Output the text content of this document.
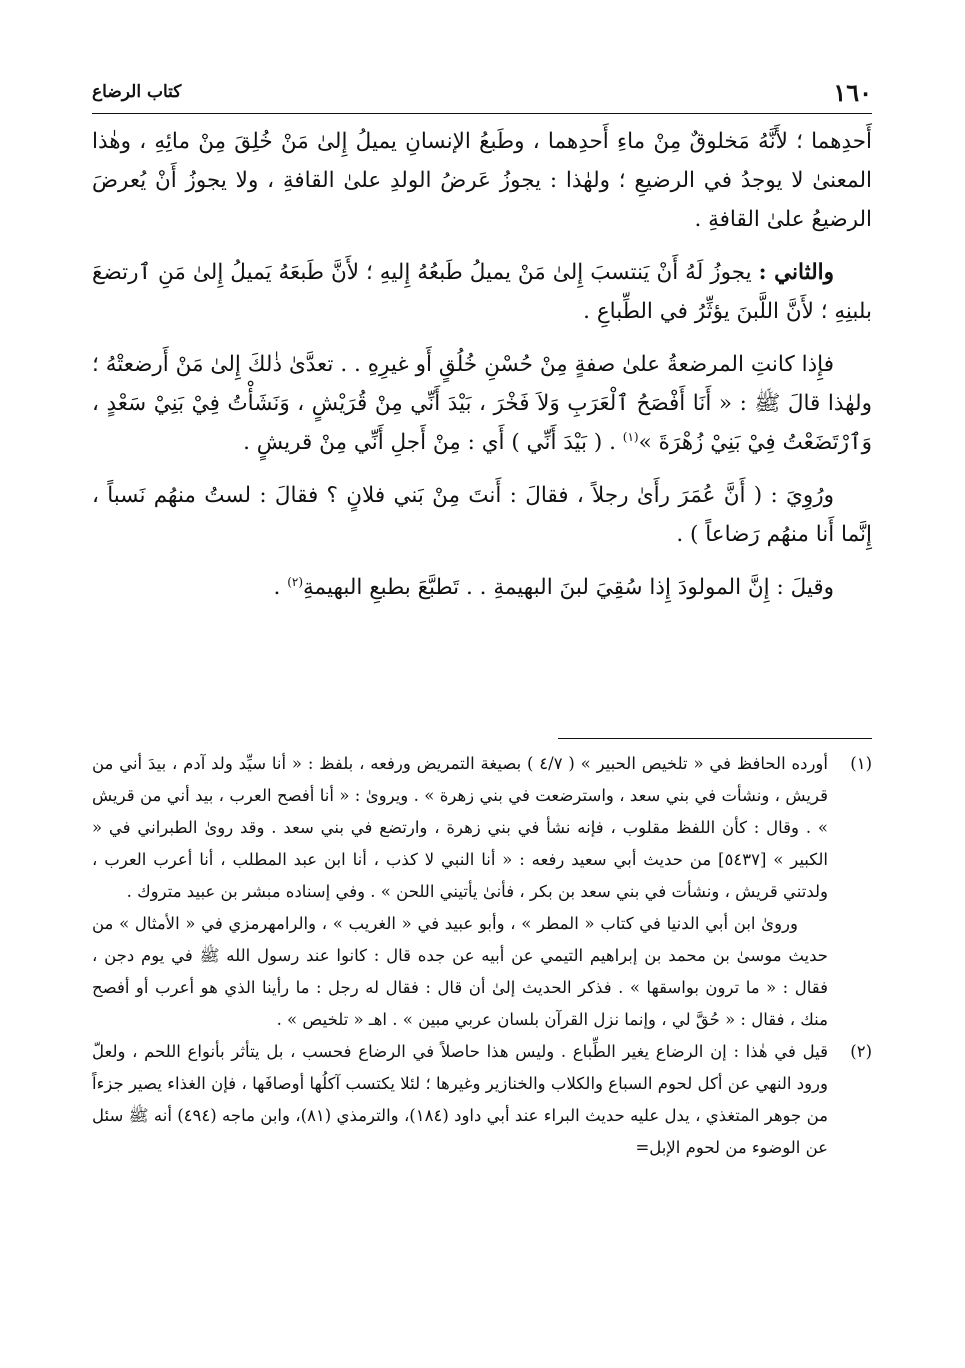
١٦٠
كتاب الرضاع

أَحدِهما ؛ لأَنَّهُ مَخلوقٌ مِنْ ماءِ أَحدِهما ، وطَبعُ الإنسانِ يميلُ إِلىٰ مَنْ خُلِقَ مِنْ مائِهِ ، وهٰذا المعنىٰ لا يوجدُ في الرضيعِ ؛ ولهٰذا : يجوزُ عَرضُ الولدِ علىٰ القافةِ ، ولا يجوزُ أَنْ يُعرضَ الرضيعُ علىٰ القافةِ .

والثاني : يجوزُ لَهُ أَنْ يَنتسبَ إِلىٰ مَنْ يميلُ طَبعُهُ إِليهِ ؛ لأَنَّ طَبعَهُ يَميلُ إِلىٰ مَنِ ٱرتضعَ بلبنِهِ ؛ لأَنَّ اللَّبنَ يؤثِّرُ في الطِّباعِ .

فإِذا كانتِ المرضعةُ علىٰ صفةٍ مِنْ حُسْنِ خُلُقٍ أَو غيرِهِ . . تعدَّىٰ ذٰلكَ إِلىٰ مَنْ أَرضعتْهُ ؛ ولهٰذا قالَ ﷺ : « أَنَا أَفْصَحُ ٱلْعَرَبِ وَلاَ فَخْرَ ، بَيْدَ أَنِّي مِنْ قُرَيْشٍ ، وَنَشَأْتُ فِيْ بَنِيْ سَعْدٍ ، وَٱرْتَضَعْتُ فِيْ بَنِيْ زُهْرَةَ »$^{(١)}$ . ( بَيْدَ أَنِّي ) أَي : مِنْ أَجلِ أَنِّي مِنْ قريشٍ .

ورُوِيَ : ( أَنَّ عُمَرَ رأَىٰ رجلاً ، فقالَ : أَنتَ مِنْ بَني فلانٍ ؟ فقالَ : لستُ منهُم نَسباً ، إِنَّما أَنا منهُم رَضاعاً ) .

وقيلَ : إِنَّ المولودَ إِذا سُقِيَ لبنَ البهيمةِ . . تَطبَّعَ بطبعِ البهيمةِ$^{(٢)}$ .

(١)

أورده الحافظ في « تلخيص الحبير » ( ٤/٧ ) بصيغة التمريض ورفعه ، بلفظ : « أنا سيِّد ولد آدم ، بيدَ أني من قريش ، ونشأت في بني سعد ، واسترضعت في بني زهرة » . ويروىٰ : « أنا أفصح العرب ، بيد أني من قريش » . وقال : كأن اللفظ مقلوب ، فإنه نشأ في بني زهرة ، وارتضع في بني سعد . وقد روىٰ الطبراني في « الكبير » [٥٤٣٧] من حديث أبي سعيد رفعه : « أنا النبي لا كذب ، أنا ابن عبد المطلب ، أنا أعرب العرب ، ولدتني قريش ، ونشأت في بني سعد بن بكر ، فأنىٰ يأتيني اللحن » . وفي إسناده مبشر بن عبيد متروك .

وروىٰ ابن أبي الدنيا في كتاب « المطر » ، وأبو عبيد في « الغريب » ، والرامهرمزي في « الأمثال » من حديث موسىٰ بن محمد بن إبراهيم التيمي عن أبيه عن جده قال : كانوا عند رسول الله ﷺ في يوم دجن ، فقال : « ما ترون بواسقها » . فذكر الحديث إلىٰ أن قال : فقال له رجل : ما رأينا الذي هو أعرب أو أفصح منك ، فقال : « حُقَّ لي ، وإنما نزل القرآن بلسان عربي مبين » . اهـ « تلخيص » .

(٢)

قيل في هٰذا : إن الرضاع يغير الطِّباع . وليس هذا حاصلاً في الرضاع فحسب ، بل يتأثر بأنواع اللحم ، ولعلّ ورود النهي عن أكل لحوم السباع والكلاب والخنازير وغيرها ؛ لئلا يكتسب آكلُها أوصافَها ، فإن الغذاء يصير جزءاً من جوهر المتغذي ، يدل عليه حديث البراء عند أبي داود (١٨٤)، والترمذي (٨١)، وابن ماجه (٤٩٤) أنه ﷺ سئل عن الوضوء من لحوم الإبل=
